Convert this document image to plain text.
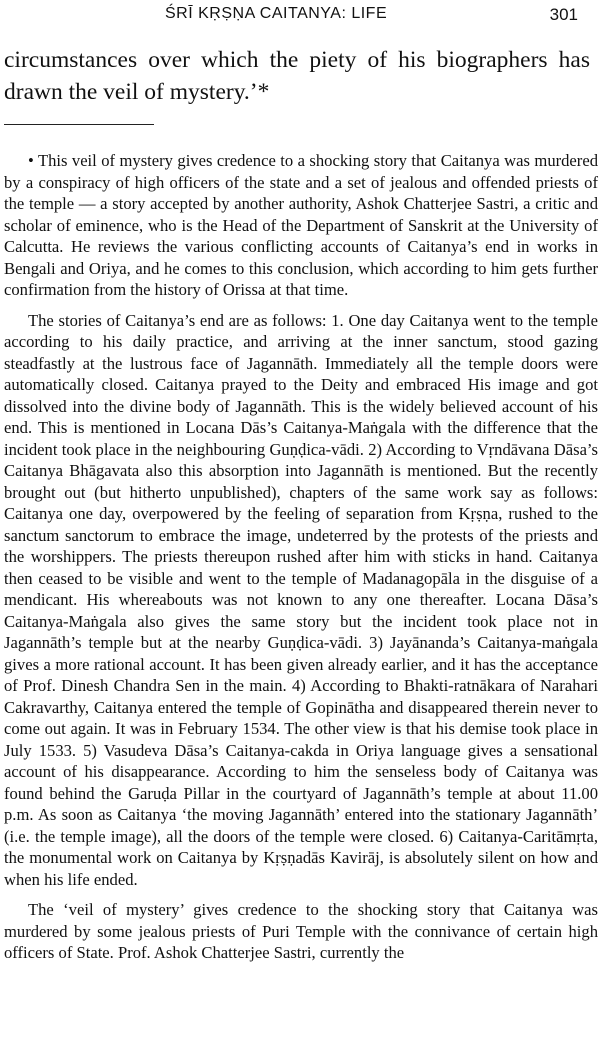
ŚRĪ KṚṢṆA CAITANYA: LIFE	301
circumstances over which the piety of his biographers has drawn the veil of mystery.’*

• This veil of mystery gives credence to a shocking story that Caitanya was murdered by a conspiracy of high officers of the state and a set of jealous and offended priests of the temple — a story accepted by another authority, Ashok Chatterjee Sastri, a critic and scholar of eminence, who is the Head of the Department of Sanskrit at the University of Calcutta. He reviews the various conflicting accounts of Caitanya’s end in works in Bengali and Oriya, and he comes to this conclusion, which according to him gets further confirmation from the history of Orissa at that time.

The stories of Caitanya’s end are as follows: 1. One day Caitanya went to the temple according to his daily practice, and arriving at the inner sanctum, stood gazing steadfastly at the lustrous face of Jagannāth. Immediately all the temple doors were automatically closed. Caitanya prayed to the Deity and embraced His image and got dissolved into the divine body of Jagannāth. This is the widely believed account of his end. This is mentioned in Locana Dās’s Caitanya-Maṅgala with the difference that the incident took place in the neighbouring Guṇḍica-vādi. 2) According to Vṛndāvana Dāsa’s Caitanya Bhāgavata also this absorption into Jagannāth is mentioned. But the recently brought out (but hitherto unpublished), chapters of the same work say as follows: Caitanya one day, overpowered by the feeling of separation from Kṛṣṇa, rushed to the sanctum sanctorum to embrace the image, undeterred by the protests of the priests and the worshippers. The priests thereupon rushed after him with sticks in hand. Caitanya then ceased to be visible and went to the temple of Madanagopāla in the disguise of a mendicant. His whereabouts was not known to any one thereafter. Locana Dāsa’s Caitanya-Maṅgala also gives the same story but the incident took place not in Jagannāth’s temple but at the nearby Guṇḍica-vādi. 3) Jayānanda’s Caitanya-maṅgala gives a more rational account. It has been given already earlier, and it has the acceptance of Prof. Dinesh Chandra Sen in the main. 4) According to Bhakti-ratnākara of Narahari Cakravarthy, Caitanya entered the temple of Gopinātha and disappeared therein never to come out again. It was in February 1534. The other view is that his demise took place in July 1533. 5) Vasudeva Dāsa’s Caitanya-cakda in Oriya language gives a sensational account of his disappearance. According to him the senseless body of Caitanya was found behind the Garuḍa Pillar in the courtyard of Jagannāth’s temple at about 11.00 p.m. As soon as Caitanya ‘the moving Jagannāth’ entered into the stationary Jagannāth’ (i.e. the temple image), all the doors of the temple were closed. 6) Caitanya-Caritāmṛta, the monumental work on Caitanya by Kṛṣṇadās Kavirāj, is absolutely silent on how and when his life ended.

The ‘veil of mystery’ gives credence to the shocking story that Caitanya was murdered by some jealous priests of Puri Temple with the connivance of certain high officers of State. Prof. Ashok Chatterjee Sastri, currently the
